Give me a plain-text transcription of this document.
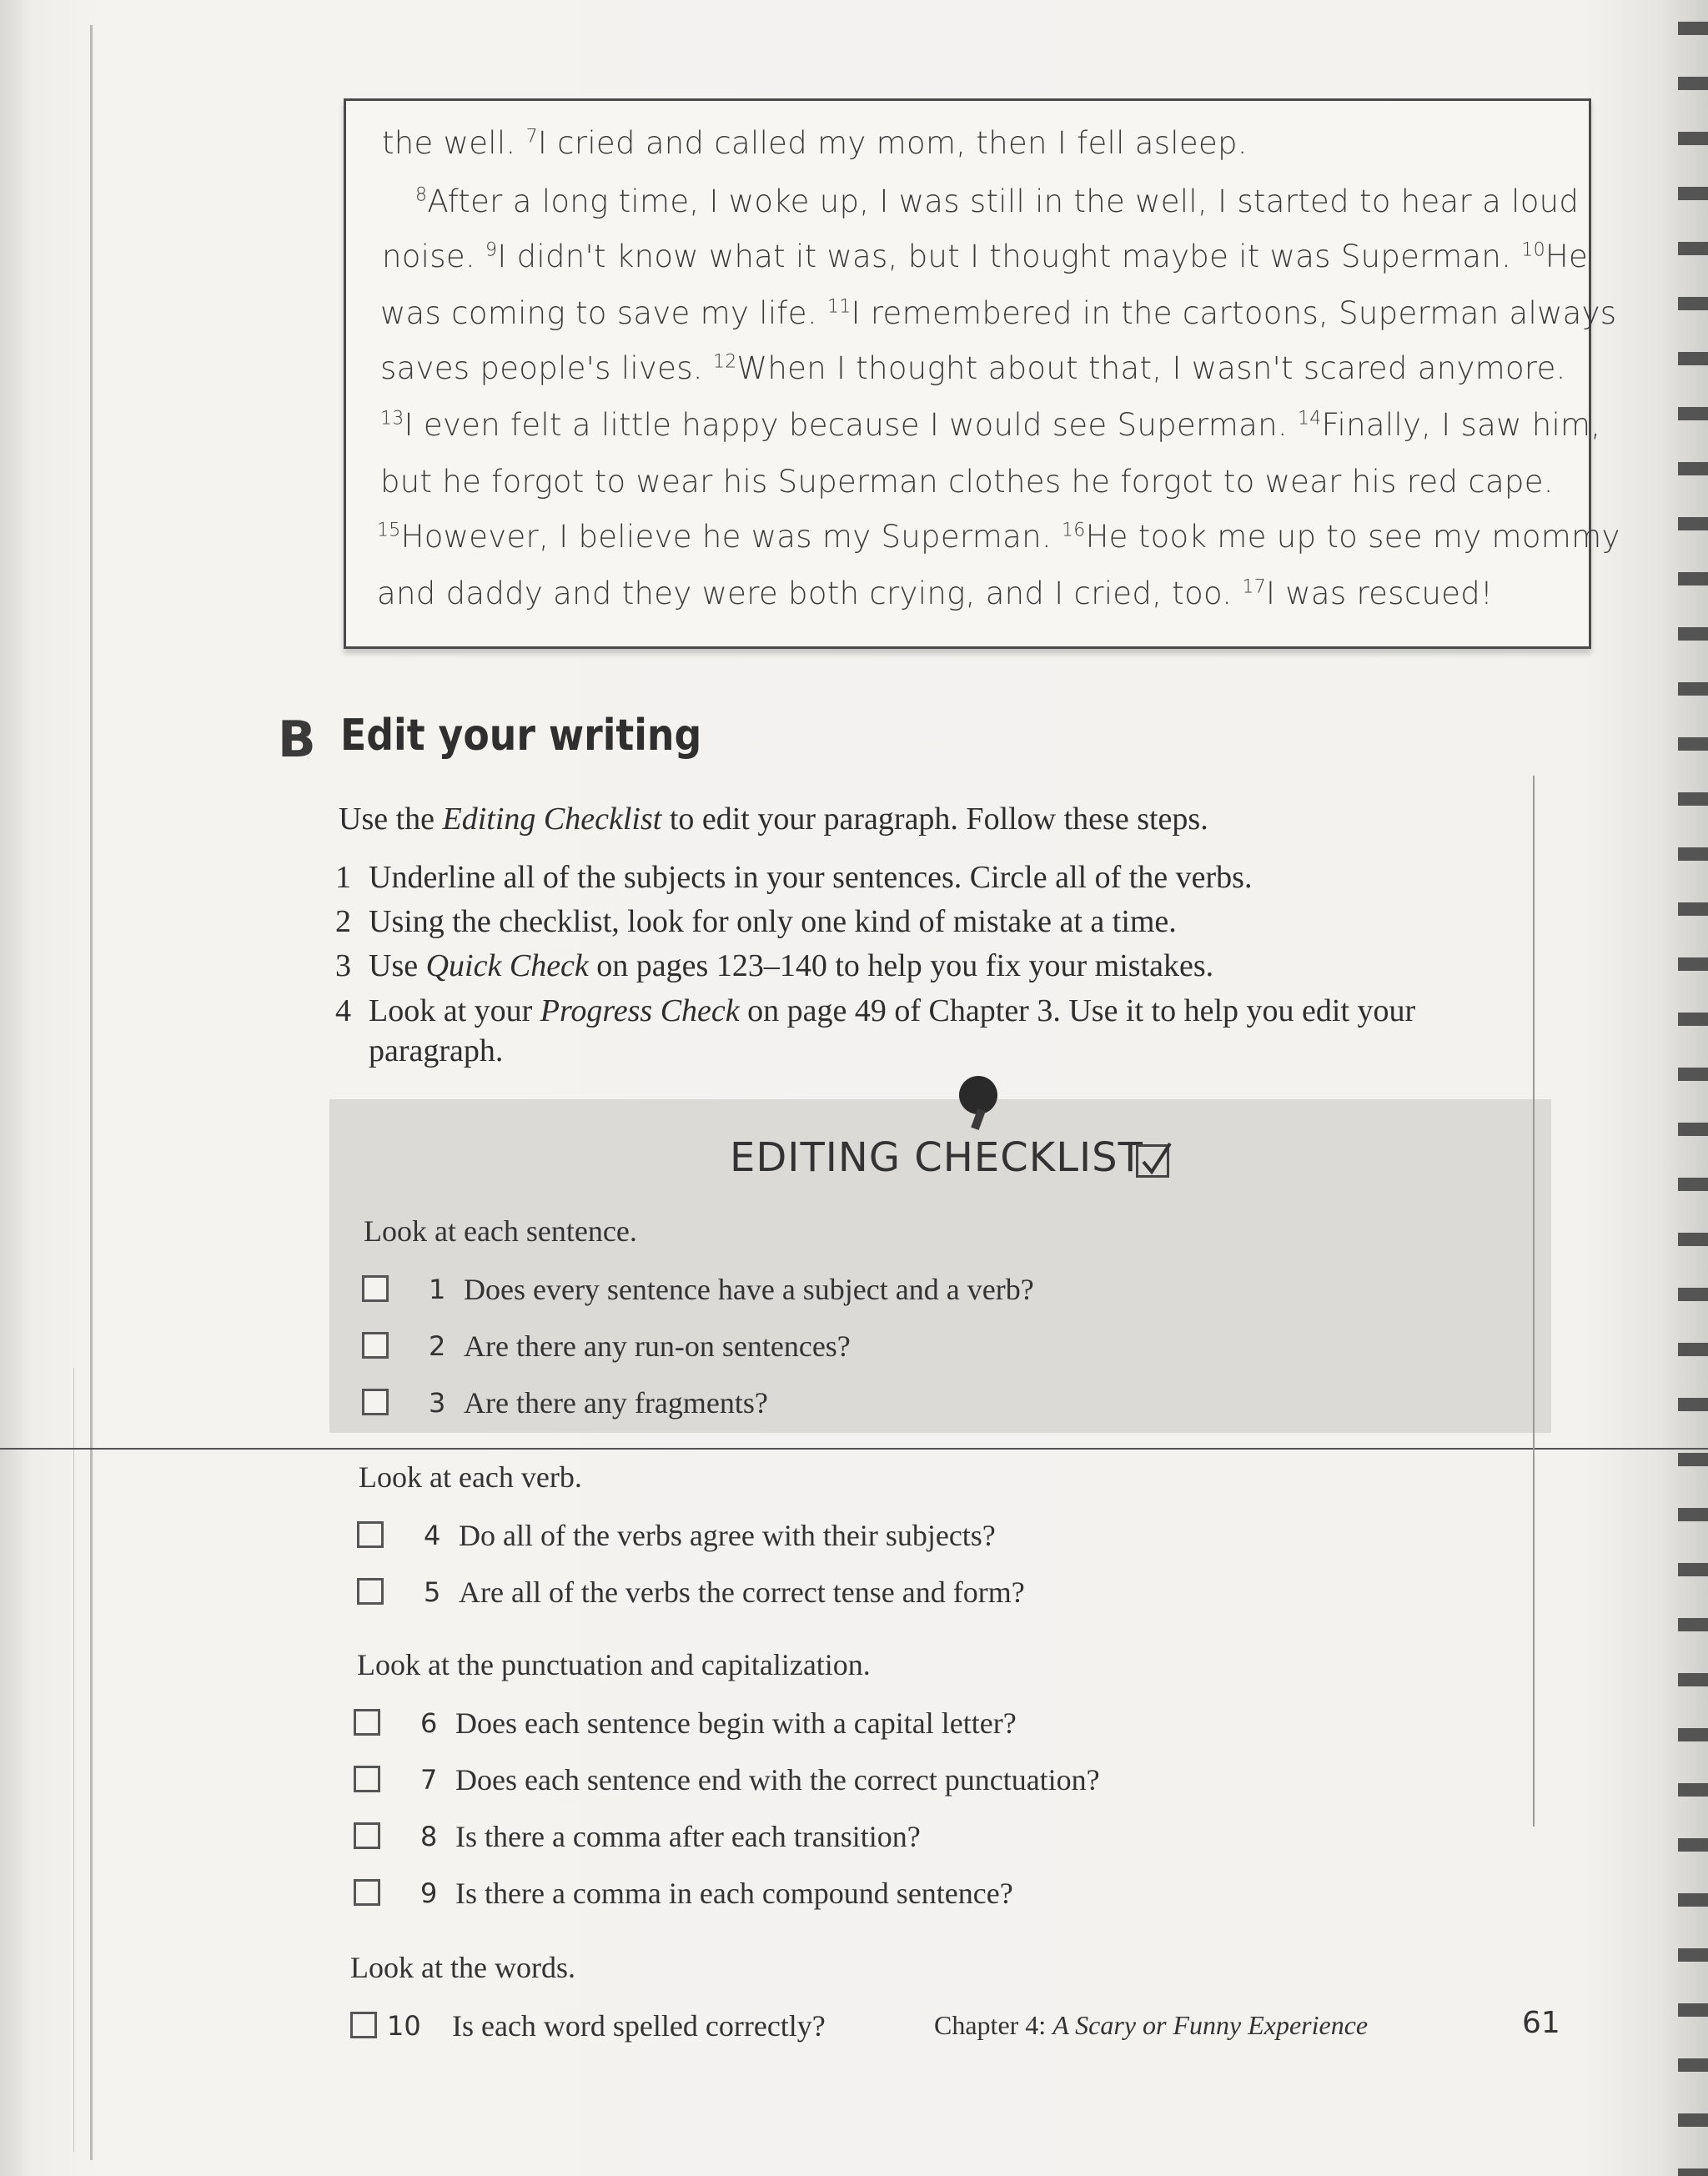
the well. $^7$I cried and called my mom, then I fell asleep.
$^8$After a long time, I woke up, I was still in the well, I started to hear a loud
noise. $^9$I didn't know what it was, but I thought maybe it was Superman. $^{10}$He
was coming to save my life. $^{11}$I remembered in the cartoons, Superman always
saves people's lives. $^{12}$When I thought about that, I wasn't scared anymore.
$^{13}$I even felt a little happy because I would see Superman. $^{14}$Finally, I saw him,
but he forgot to wear his Superman clothes he forgot to wear his red cape.
$^{15}$However, I believe he was my Superman. $^{16}$He took me up to see my mommy
and daddy and they were both crying, and I cried, too. $^{17}$I was rescued!
B Edit your writing
Use the Editing Checklist to edit your paragraph. Follow these steps.
1 Underline all of the subjects in your sentences. Circle all of the verbs.
2 Using the checklist, look for only one kind of mistake at a time.
3 Use Quick Check on pages 123–140 to help you fix your mistakes.
4 Look at your Progress Check on page 49 of Chapter 3. Use it to help you edit your
paragraph.
EDITING CHECKLIST
Look at each sentence.
1 Does every sentence have a subject and a verb?
2 Are there any run-on sentences?
3 Are there any fragments?
Look at each verb.
4 Do all of the verbs agree with their subjects?
5 Are all of the verbs the correct tense and form?
Look at the punctuation and capitalization.
6 Does each sentence begin with a capital letter?
7 Does each sentence end with the correct punctuation?
8 Is there a comma after each transition?
9 Is there a comma in each compound sentence?
Look at the words.
10 Is each word spelled correctly?	Chapter 4: A Scary or Funny Experience	61
